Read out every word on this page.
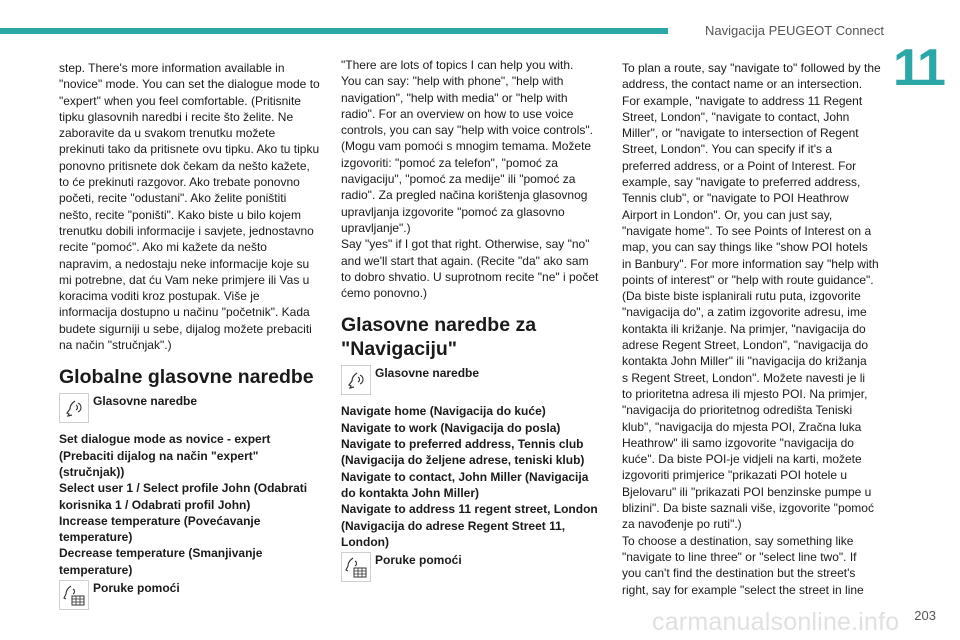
Navigacija PEUGEOT Connect
11

step. There's more information available in
"novice" mode. You can set the dialogue mode to
"expert" when you feel comfortable. (Pritisnite
tipku glasovnih naredbi i recite što želite. Ne
zaboravite da u svakom trenutku možete
prekinuti tako da pritisnete ovu tipku. Ako tu tipku
ponovno pritisnete dok čekam da nešto kažete,
to će prekinuti razgovor. Ako trebate ponovno
početi, recite "odustani". Ako želite poništiti
nešto, recite "poništi". Kako biste u bilo kojem
trenutku dobili informacije i savjete, jednostavno
recite "pomoć". Ako mi kažete da nešto
napravim, a nedostaju neke informacije koje su
mi potrebne, dat ću Vam neke primjere ili Vas u
koracima voditi kroz postupak. Više je
informacija dostupno u načinu "početnik". Kada
budete sigurniji u sebe, dijalog možete prebaciti
na način "stručnjak".)

Globalne glasovne naredbe
Glasovne naredbe

Set dialogue mode as novice - expert
(Prebaciti dijalog na način "expert"
(stručnjak))
Select user 1 / Select profile John (Odabrati
korisnika 1 / Odabrati profil John)
Increase temperature (Povećavanje
temperature)
Decrease temperature (Smanjivanje
temperature)

Poruke pomoći

"There are lots of topics I can help you with.
You can say: "help with phone", "help with
navigation", "help with media" or "help with
radio". For an overview on how to use voice
controls, you can say "help with voice controls".
(Mogu vam pomoći s mnogim temama. Možete
izgovoriti: "pomoć za telefon", "pomoć za
navigaciju", "pomoć za medije" ili "pomoć za
radio". Za pregled načina korištenja glasovnog
upravljanja izgovorite "pomoć za glasovno
upravljanje".)
Say "yes" if I got that right. Otherwise, say "no"
and we'll start that again. (Recite "da" ako sam
to dobro shvatio. U suprotnom recite "ne" i počet
ćemo ponovno.)

Glasovne naredbe za
"Navigaciju"
Glasovne naredbe

Navigate home (Navigacija do kuće)
Navigate to work (Navigacija do posla)
Navigate to preferred address, Tennis club
(Navigacija do željene adrese, teniski klub)
Navigate to contact, John Miller (Navigacija
do kontakta John Miller)
Navigate to address 11 regent street, London
(Navigacija do adrese Regent Street 11,
London)

Poruke pomoći

To plan a route, say "navigate to" followed by the
address, the contact name or an intersection.
For example, "navigate to address 11 Regent
Street, London", "navigate to contact, John
Miller", or "navigate to intersection of Regent
Street, London". You can specify if it's a
preferred address, or a Point of Interest. For
example, say "navigate to preferred address,
Tennis club", or "navigate to POI Heathrow
Airport in London". Or, you can just say,
"navigate home". To see Points of Interest on a
map, you can say things like "show POI hotels
in Banbury". For more information say "help with
points of interest" or "help with route guidance".
(Da biste biste isplanirali rutu puta, izgovorite
"navigacija do", a zatim izgovorite adresu, ime
kontakta ili križanje. Na primjer, "navigacija do
adrese Regent Street, London", "navigacija do
kontakta John Miller" ili "navigacija do križanja
s Regent Street, London". Možete navesti je li
to prioritetna adresa ili mjesto POI. Na primjer,
"navigacija do prioritetnog odredišta Teniski
klub", "navigacija do mjesta POI, Zračna luka
Heathrow" ili samo izgovorite "navigacija do
kuće". Da biste POI-je vidjeli na karti, možete
izgovoriti primjerice "prikazati POI hotele u
Bjelovaru" ili "prikazati POI benzinske pumpe u
blizini". Da biste saznali više, izgovorite "pomoć
za navođenje po ruti".)
To choose a destination, say something like
"navigate to line three" or "select line two". If
you can't find the destination but the street's
right, say for example "select the street in line

carmanualsonline.info 203
